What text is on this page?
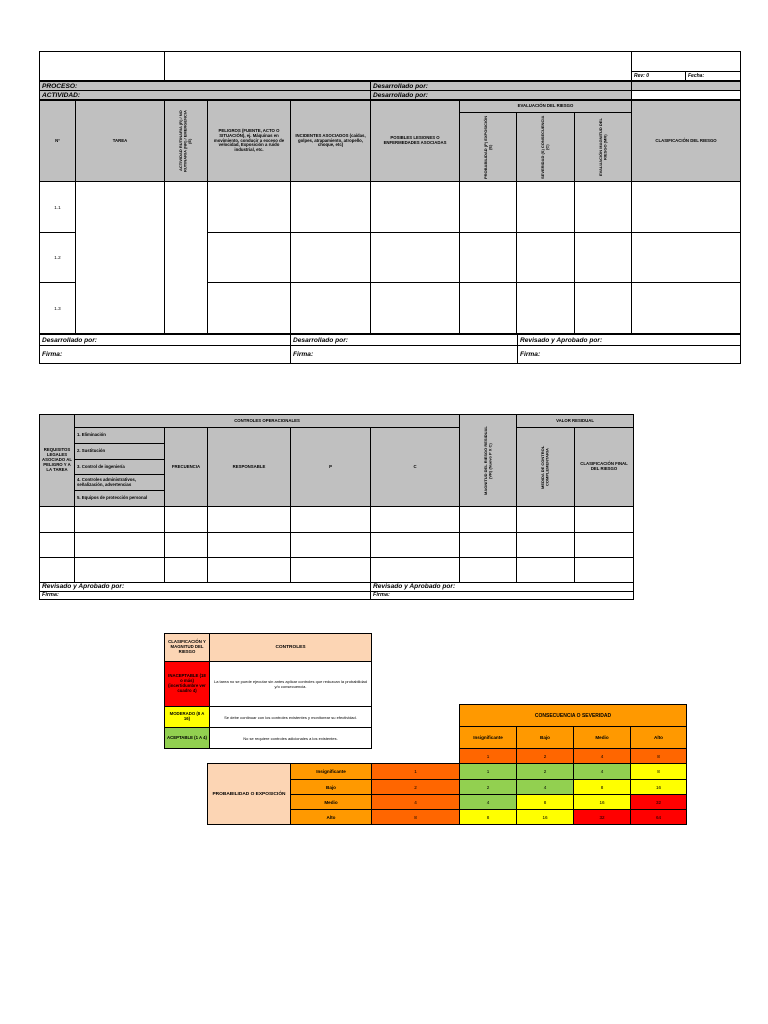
		Rev: 0	Fecha:
PROCESO:	Desarrollado por:	
ACTIVIDAD:	Desarrollado por:	
Nº	TAREA	ACTIVIDAD RUTINARIA (R) / NO RUTINARIA (NR) / EMERGENCIA (E)	PELIGROS (FUENTE, ACTO O SITUACIÓN), ej. Máquinas en movimiento, conducir a exceso de velocidad, Exposición a ruido industrial, etc.	INCIDENTES ASOCIADOS (caídas, golpes, atrapamiento, atropello, choque, etc)	POSIBLES LESIONES O ENFERMEDADES ASOCIADAS	EVALUACIÓN DEL RIESGO			CLASIFICACIÓN DEL RIESGO

						PROBABILIDAD (P) EXPOSICIÓN (E)	SEVERIDAD (S) CONSECUENCIA (C)	EVALUACIÓN MAGNITUD DEL RIESGO (MR)	

1.1									
1.2									
1.3									
Desarrollado por:	Desarrollado por:	Revisado y Aprobado por:
Firma:	Firma:	Firma:
REQUISITOS LEGALES ASOCIADO AL PELIGRO Y A LA TAREA	CONTROLES OPERACIONALES					MAGNITUD DEL RIESGO RESIDUAL (VR) (Nuevo P X C)	VALOR RESIDUAL	
	1. Eliminación	FRECUENCIA	RESPONSABLE	P	C		MEDIDA DE CONTROL COMPLEMENTARIA	CLASIFICACIÓN FINAL DEL RIESGO
	2. Sustitución							
	3. Control de ingeniería							
	4. Controles administrativos, señalización, advertencias							
	5. Equipos de protección personal							

Revisado y Aprobado por:	Revisado y Aprobado por:
Firma:	Firma:
CLASIFICACIÓN Y MAGNITUD DEL RIESGO	CONTROLES
INACEPTABLE (18 o más) (incertidumbre ver cuadro 4)	La tarea no se puede ejecutar sin antes aplicar controles que reduzcan la probabilidad y/o consecuencia.
MODERADO (8 A 16)	Se debe continuar con los controles existentes y monitorear su efectividad.
ACEPTABLE (1 A 4)	No se requiere controles adicionales a los existentes.
			CONSECUENCIA O SEVERIDAD			
			Insignificante	Bajo	Medio	Alto
			1	2	4	8
PROBABILIDAD O EXPOSICIÓN	Insignificante	1	1	2	4	8
	Bajo	2	2	4	8	16
	Medio	4	4	8	16	32
	Alto	8	8	16	32	64
